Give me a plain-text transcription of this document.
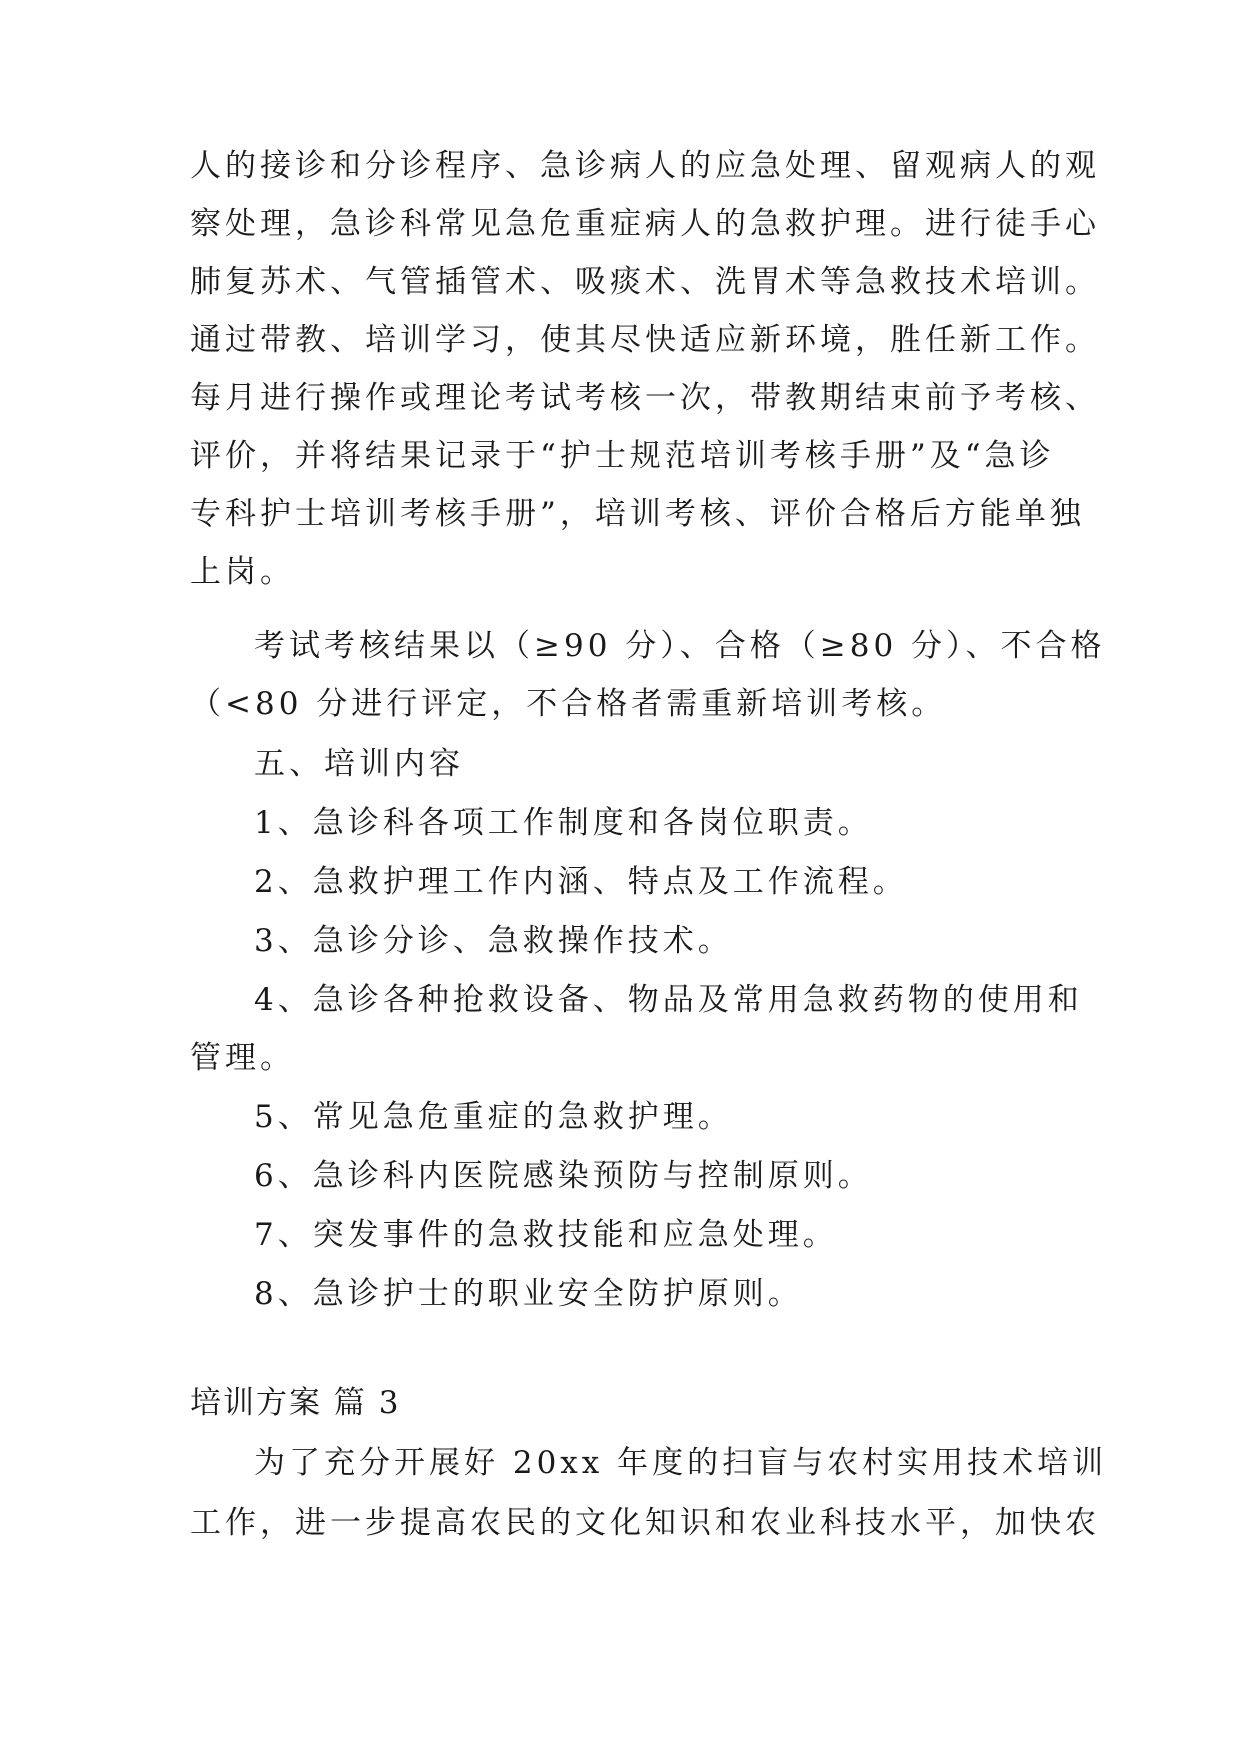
人的接诊和分诊程序、急诊病人的应急处理、留观病人的观
察处理，急诊科常见急危重症病人的急救护理。进行徒手心
肺复苏术、气管插管术、吸痰术、洗胃术等急救技术培训。
通过带教、培训学习，使其尽快适应新环境，胜任新工作。
每月进行操作或理论考试考核一次，带教期结束前予考核、
评价，并将结果记录于“护士规范培训考核手册”及“急诊
专科护士培训考核手册”，培训考核、评价合格后方能单独
上岗。
考试考核结果以（≥90 分）、合格（≥80 分）、不合格
（<80 分进行评定，不合格者需重新培训考核。
五、培训内容
1、急诊科各项工作制度和各岗位职责。
2、急救护理工作内涵、特点及工作流程。
3、急诊分诊、急救操作技术。
4、急诊各种抢救设备、物品及常用急救药物的使用和
管理。
5、常见急危重症的急救护理。
6、急诊科内医院感染预防与控制原则。
7、突发事件的急救技能和应急处理。
8、急诊护士的职业安全防护原则。
培训方案 篇 3
为了充分开展好 20xx 年度的扫盲与农村实用技术培训
工作，进一步提高农民的文化知识和农业科技水平，加快农
